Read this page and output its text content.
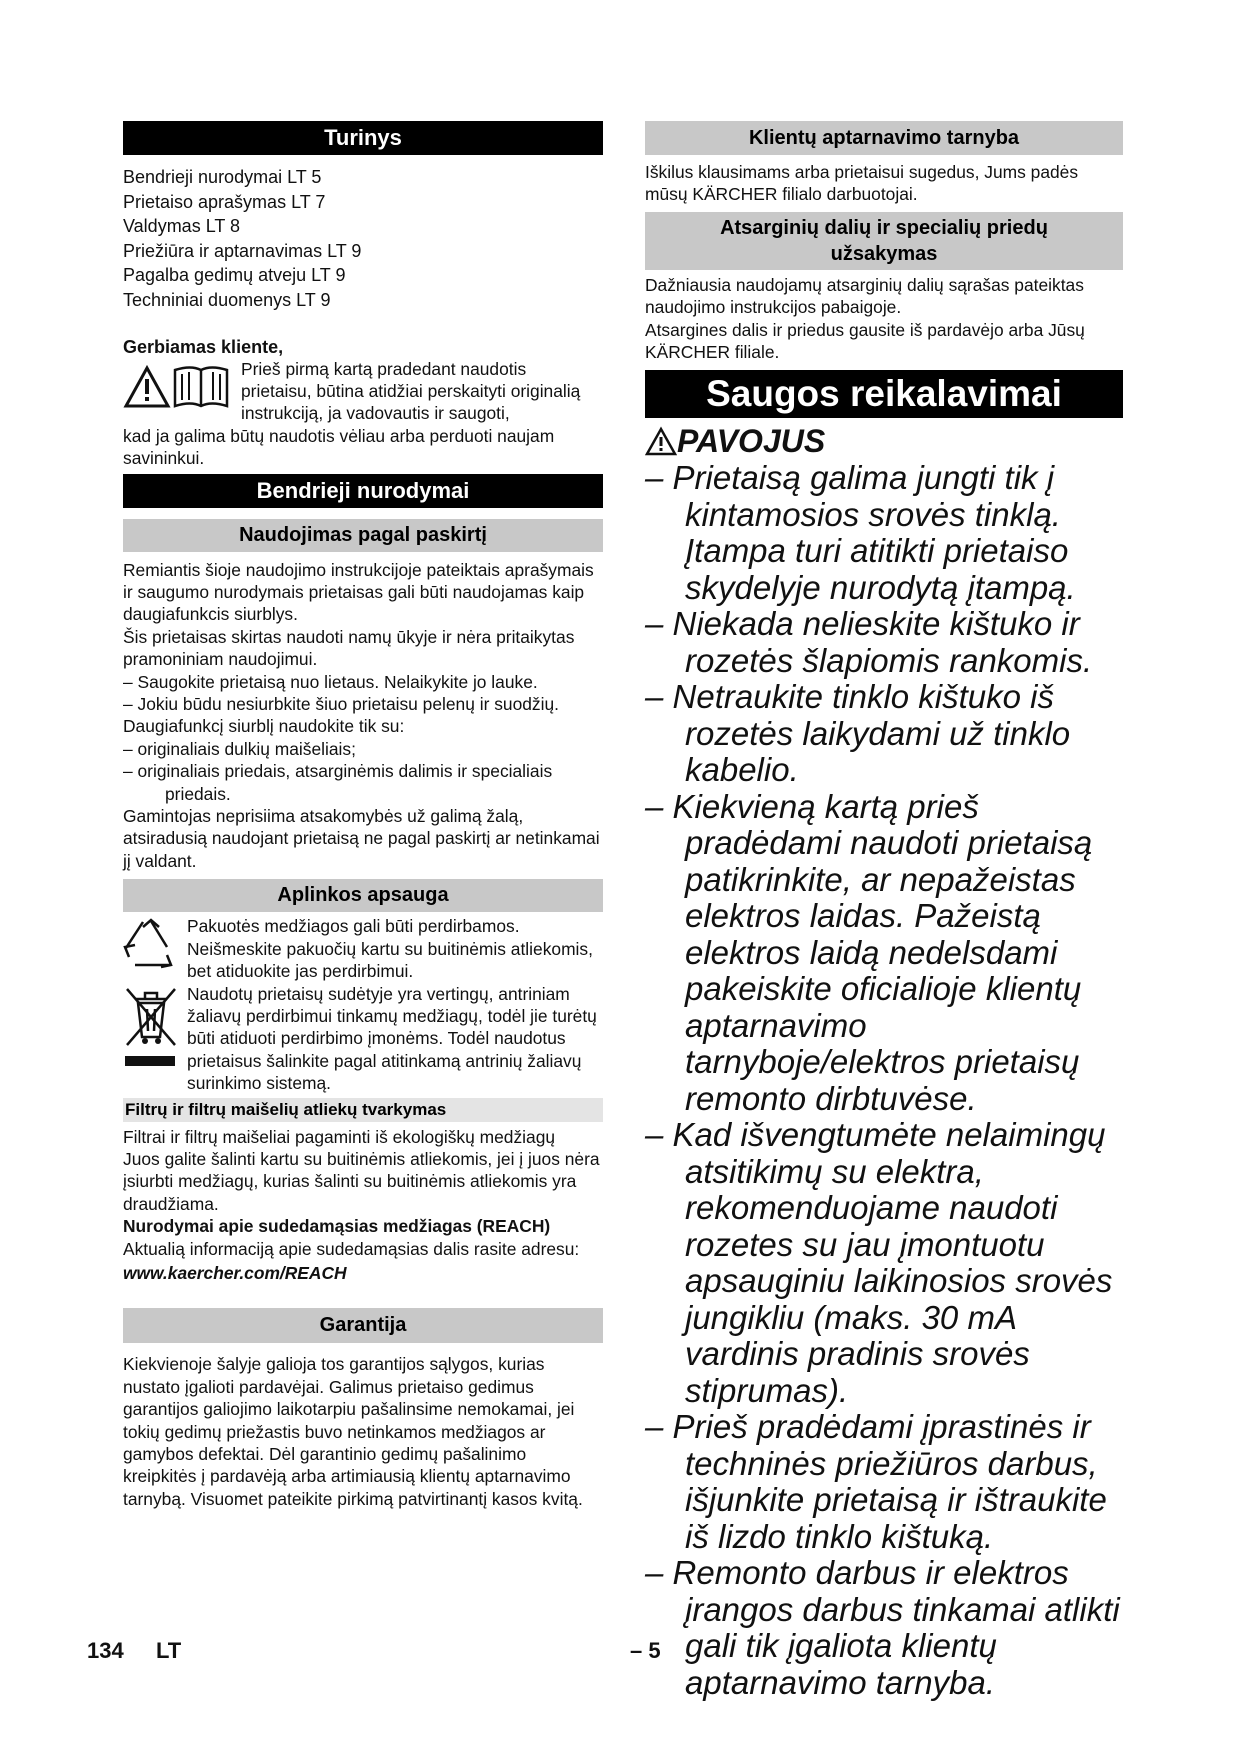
Turinys
Bendrieji nurodymai LT 5
Prietaiso aprašymas LT 7
Valdymas LT 8
Priežiūra ir aptarnavimas LT 9
Pagalba gedimų atveju LT 9
Techniniai duomenys LT 9
Gerbiamas kliente,

Prieš pirmą kartą pradedant naudotis prietaisu, būtina atidžiai perskaityti originalią instrukciją, ja vadovautis ir saugoti,

kad ja galima būtų naudotis vėliau arba perduoti naujam savininkui.

Bendrieji nurodymai
Naudojimas pagal paskirtį

Remiantis šioje naudojimo instrukcijoje pateiktais aprašymais ir saugumo nurodymais prietaisas gali būti naudojamas kaip daugiafunkcis siurblys.

Šis prietaisas skirtas naudoti namų ūkyje ir nėra pritaikytas pramoniniam naudojimui.

– Saugokite prietaisą nuo lietaus. Nelaikykite jo lauke.

– Jokiu būdu nesiurbkite šiuo prietaisu pelenų ir suodžių.

Daugiafunkcį siurblį naudokite tik su:

– originaliais dulkių maišeliais;

– originaliais priedais, atsarginėmis dalimis ir specialiais priedais.

Gamintojas neprisiima atsakomybės už galimą žalą, atsiradusią naudojant prietaisą ne pagal paskirtį ar netinkamai jį valdant.

Aplinkos apsauga

Pakuotės medžiagos gali būti perdirbamos. Neišmeskite pakuočių kartu su buitinėmis atliekomis, bet atiduokite jas perdirbimui.

Naudotų prietaisų sudėtyje yra vertingų, antriniam žaliavų perdirbimui tinkamų medžiagų, todėl jie turėtų būti atiduoti perdirbimo įmonėms. Todėl naudotus prietaisus šalinkite pagal atitinkamą antrinių žaliavų surinkimo sistemą.

Filtrų ir filtrų maišelių atliekų tvarkymas

Filtrai ir filtrų maišeliai pagaminti iš ekologiškų medžiagų

Juos galite šalinti kartu su buitinėmis atliekomis, jei į juos nėra įsiurbti medžiagų, kurias šalinti su buitinėmis atliekomis yra draudžiama.

Nurodymai apie sudedamąsias medžiagas (REACH)

Aktualią informaciją apie sudedamąsias dalis rasite adresu:

www.kaercher.com/REACH

Garantija

Kiekvienoje šalyje galioja tos garantijos sąlygos, kurias nustato įgalioti pardavėjai. Galimus prietaiso gedimus garantijos galiojimo laikotarpiu pašalinsime nemokamai, jei tokių gedimų priežastis buvo netinkamos medžiagos ar gamybos defektai. Dėl garantinio gedimų pašalinimo kreipkitės į pardavėją arba artimiausią klientų aptarnavimo tarnybą. Visuomet pateikite pirkimą patvirtinantį kasos kvitą.

Klientų aptarnavimo tarnyba

Iškilus klausimams arba prietaisui sugedus, Jums padės mūsų KÄRCHER filialo darbuotojai.

Atsarginių dalių ir specialių priedų užsakymas

Dažniausia naudojamų atsarginių dalių sąrašas pateiktas naudojimo instrukcijos pabaigoje.

Atsargines dalis ir priedus gausite iš pardavėjo arba Jūsų KÄRCHER filiale.

Saugos reikalavimai
PAVOJUS

– Prietaisą galima jungti tik į kintamosios srovės tinklą. Įtampa turi atitikti prietaiso skydelyje nurodytą įtampą.

– Niekada nelieskite kištuko ir rozetės šlapiomis rankomis.

– Netraukite tinklo kištuko iš rozetės laikydami už tinklo kabelio.

– Kiekvieną kartą prieš pradėdami naudoti prietaisą patikrinkite, ar nepažeistas elektros laidas. Pažeistą elektros laidą nedelsdami pakeiskite oficialioje klientų aptarnavimo tarnyboje/elektros prietaisų remonto dirbtuvėse.

– Kad išvengtumėte nelaimingų atsitikimų su elektra, rekomenduojame naudoti rozetes su jau įmontuotu apsauginiu laikinosios srovės jungikliu (maks. 30 mA vardinis pradinis srovės stiprumas).

– Prieš pradėdami įprastinės ir techninės priežiūros darbus, išjunkite prietaisą ir ištraukite iš lizdo tinklo kištuką.

– Remonto darbus ir elektros įrangos darbus tinkamai atlikti gali tik įgaliota klientų aptarnavimo tarnyba.

134 LT	– 5
